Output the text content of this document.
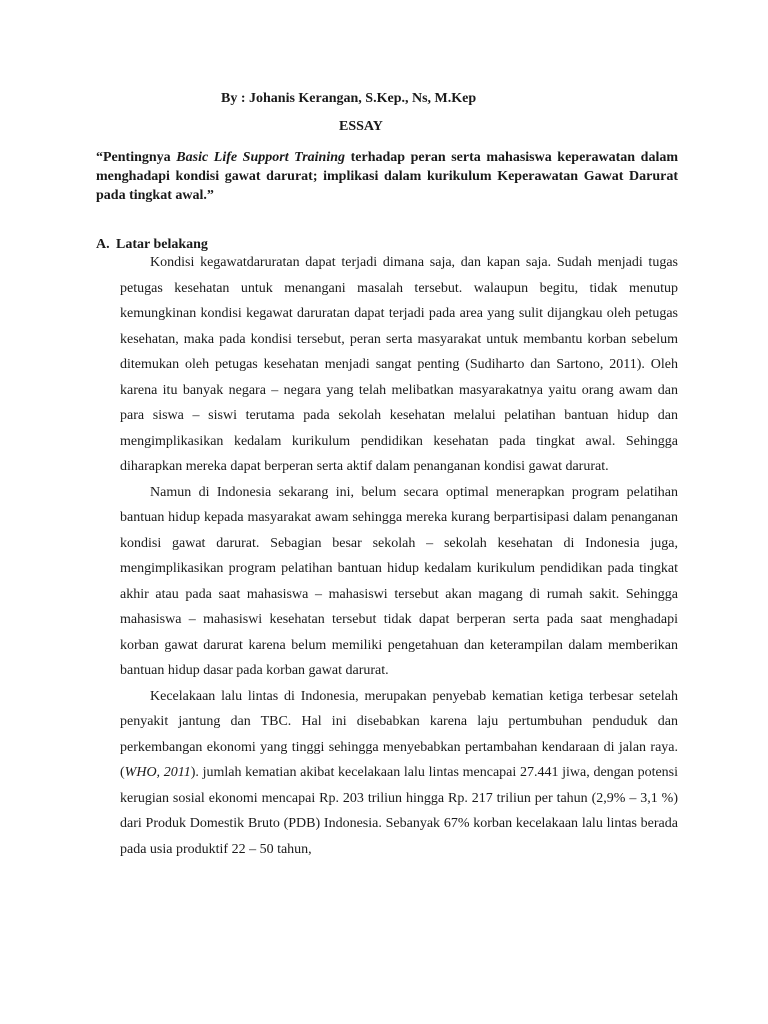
By : Johanis Kerangan, S.Kep., Ns, M.Kep
ESSAY

“Pentingnya Basic Life Support Training terhadap peran serta mahasiswa keperawatan dalam menghadapi kondisi gawat darurat; implikasi dalam kurikulum Keperawatan Gawat Darurat pada tingkat awal.”

A. Latar belakang

Kondisi kegawatdaruratan dapat terjadi dimana saja, dan kapan saja. Sudah menjadi tugas petugas kesehatan untuk menangani masalah tersebut. walaupun begitu, tidak menutup kemungkinan kondisi kegawat daruratan dapat terjadi pada area yang sulit dijangkau oleh petugas kesehatan, maka pada kondisi tersebut, peran serta masyarakat untuk membantu korban sebelum ditemukan oleh petugas kesehatan menjadi sangat penting (Sudiharto dan Sartono, 2011). Oleh karena itu banyak negara – negara yang telah melibatkan masyarakatnya yaitu orang awam dan para siswa – siswi terutama pada sekolah kesehatan melalui pelatihan bantuan hidup dan mengimplikasikan kedalam kurikulum pendidikan kesehatan pada tingkat awal. Sehingga diharapkan mereka dapat berperan serta aktif dalam penanganan kondisi gawat darurat.

Namun di Indonesia sekarang ini, belum secara optimal menerapkan program pelatihan bantuan hidup kepada masyarakat awam sehingga mereka kurang berpartisipasi dalam penanganan kondisi gawat darurat. Sebagian besar sekolah – sekolah kesehatan di Indonesia juga, mengimplikasikan program pelatihan bantuan hidup kedalam kurikulum pendidikan pada tingkat akhir atau pada saat mahasiswa – mahasiswi tersebut akan magang di rumah sakit. Sehingga mahasiswa – mahasiswi kesehatan tersebut tidak dapat berperan serta pada saat menghadapi korban gawat darurat karena belum memiliki pengetahuan dan keterampilan dalam memberikan bantuan hidup dasar pada korban gawat darurat.

Kecelakaan lalu lintas di Indonesia, merupakan penyebab kematian ketiga terbesar setelah penyakit jantung dan TBC. Hal ini disebabkan karena laju pertumbuhan penduduk dan perkembangan ekonomi yang tinggi sehingga menyebabkan pertambahan kendaraan di jalan raya. (WHO, 2011). jumlah kematian akibat kecelakaan lalu lintas mencapai 27.441 jiwa, dengan potensi kerugian sosial ekonomi mencapai Rp. 203 triliun hingga Rp. 217 triliun per tahun (2,9% – 3,1 %) dari Produk Domestik Bruto (PDB) Indonesia. Sebanyak 67% korban kecelakaan lalu lintas berada pada usia produktif 22 – 50 tahun,
